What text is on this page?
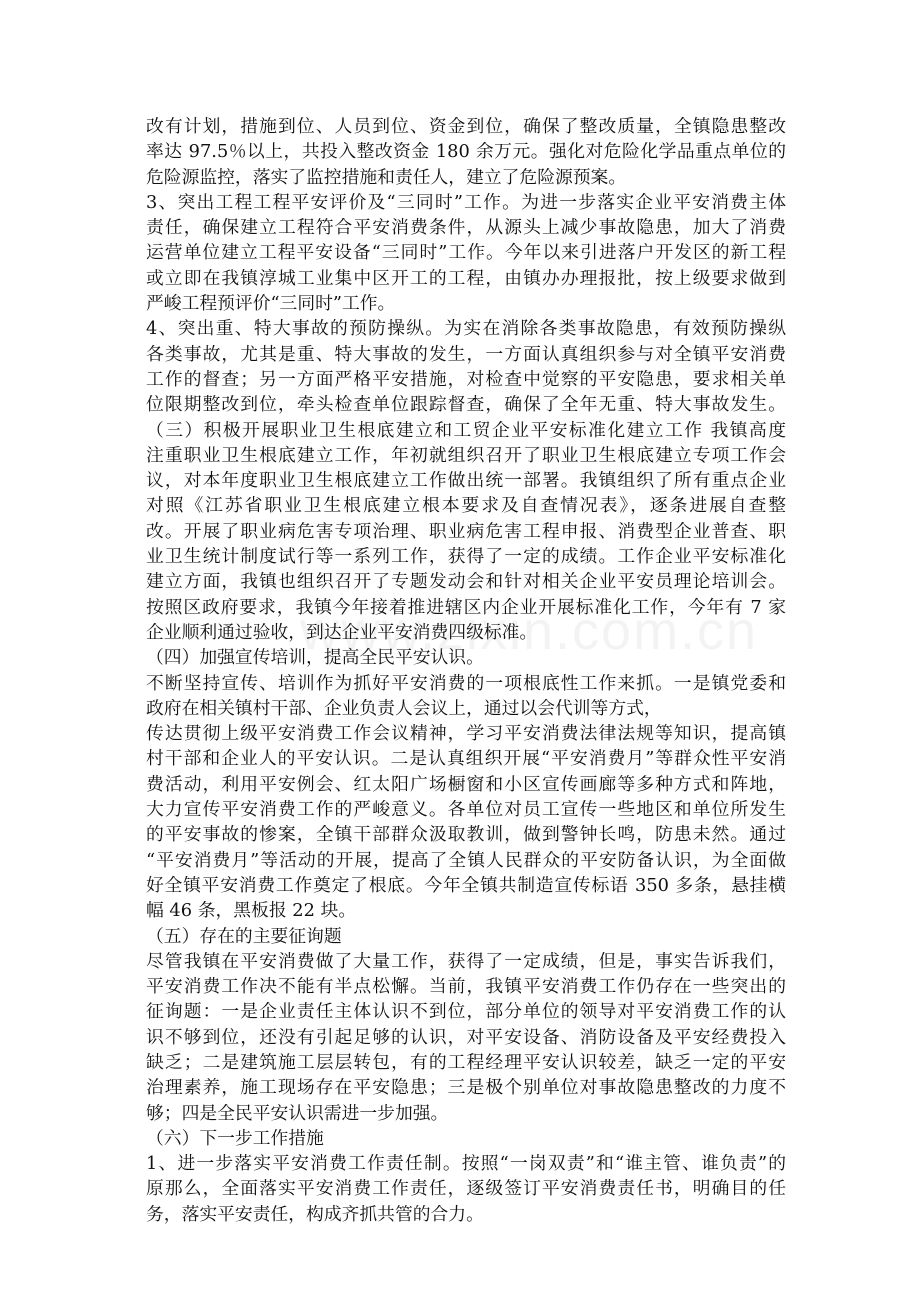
改有计划，措施到位、人员到位、资金到位，确保了整改质量，全镇隐患整改
率达 97.5％以上，共投入整改资金 180 余万元。强化对危险化学品重点单位的
危险源监控，落实了监控措施和责任人，建立了危险源预案。
3、突出工程工程平安评价及“三同时”工作。为进一步落实企业平安消费主体
责任，确保建立工程符合平安消费条件，从源头上减少事故隐患，加大了消费
运营单位建立工程平安设备“三同时”工作。今年以来引进落户开发区的新工程
或立即在我镇淳城工业集中区开工的工程，由镇办办理报批，按上级要求做到
严峻工程预评价“三同时”工作。
4、突出重、特大事故的预防操纵。为实在消除各类事故隐患，有效预防操纵
各类事故，尤其是重、特大事故的发生，一方面认真组织参与对全镇平安消费
工作的督查；另一方面严格平安措施，对检查中觉察的平安隐患，要求相关单
位限期整改到位，牵头检查单位跟踪督查，确保了全年无重、特大事故发生。
（三）积极开展职业卫生根底建立和工贸企业平安标准化建立工作 我镇高度
注重职业卫生根底建立工作，年初就组织召开了职业卫生根底建立专项工作会
议，对本年度职业卫生根底建立工作做出统一部署。我镇组织了所有重点企业
对照《江苏省职业卫生根底建立根本要求及自查情况表》，逐条进展自查整
改。开展了职业病危害专项治理、职业病危害工程申报、消费型企业普查、职
业卫生统计制度试行等一系列工作，获得了一定的成绩。工作企业平安标准化
建立方面，我镇也组织召开了专题发动会和针对相关企业平安员理论培训会。
按照区政府要求，我镇今年接着推进辖区内企业开展标准化工作，今年有 7 家
企业顺利通过验收，到达企业平安消费四级标准。
（四）加强宣传培训，提高全民平安认识。
不断坚持宣传、培训作为抓好平安消费的一项根底性工作来抓。一是镇党委和
政府在相关镇村干部、企业负责人会议上，通过以会代训等方式，
传达贯彻上级平安消费工作会议精神，学习平安消费法律法规等知识，提高镇
村干部和企业人的平安认识。二是认真组织开展“平安消费月”等群众性平安消
费活动，利用平安例会、红太阳广场橱窗和小区宣传画廊等多种方式和阵地，
大力宣传平安消费工作的严峻意义。各单位对员工宣传一些地区和单位所发生
的平安事故的惨案，全镇干部群众汲取教训，做到警钟长鸣，防患未然。通过
“平安消费月”等活动的开展，提高了全镇人民群众的平安防备认识，为全面做
好全镇平安消费工作奠定了根底。今年全镇共制造宣传标语 350 多条，悬挂横
幅 46 条，黑板报 22 块。
（五）存在的主要征询题
尽管我镇在平安消费做了大量工作，获得了一定成绩，但是，事实告诉我们，
平安消费工作决不能有半点松懈。当前，我镇平安消费工作仍存在一些突出的
征询题：一是企业责任主体认识不到位，部分单位的领导对平安消费工作的认
识不够到位，还没有引起足够的认识，对平安设备、消防设备及平安经费投入
缺乏；二是建筑施工层层转包，有的工程经理平安认识较差，缺乏一定的平安
治理素养，施工现场存在平安隐患；三是极个别单位对事故隐患整改的力度不
够；四是全民平安认识需进一步加强。
（六）下一步工作措施
1、进一步落实平安消费工作责任制。按照“一岗双责”和“谁主管、谁负责”的
原那么，全面落实平安消费工作责任，逐级签订平安消费责任书，明确目的任
务，落实平安责任，构成齐抓共管的合力。
